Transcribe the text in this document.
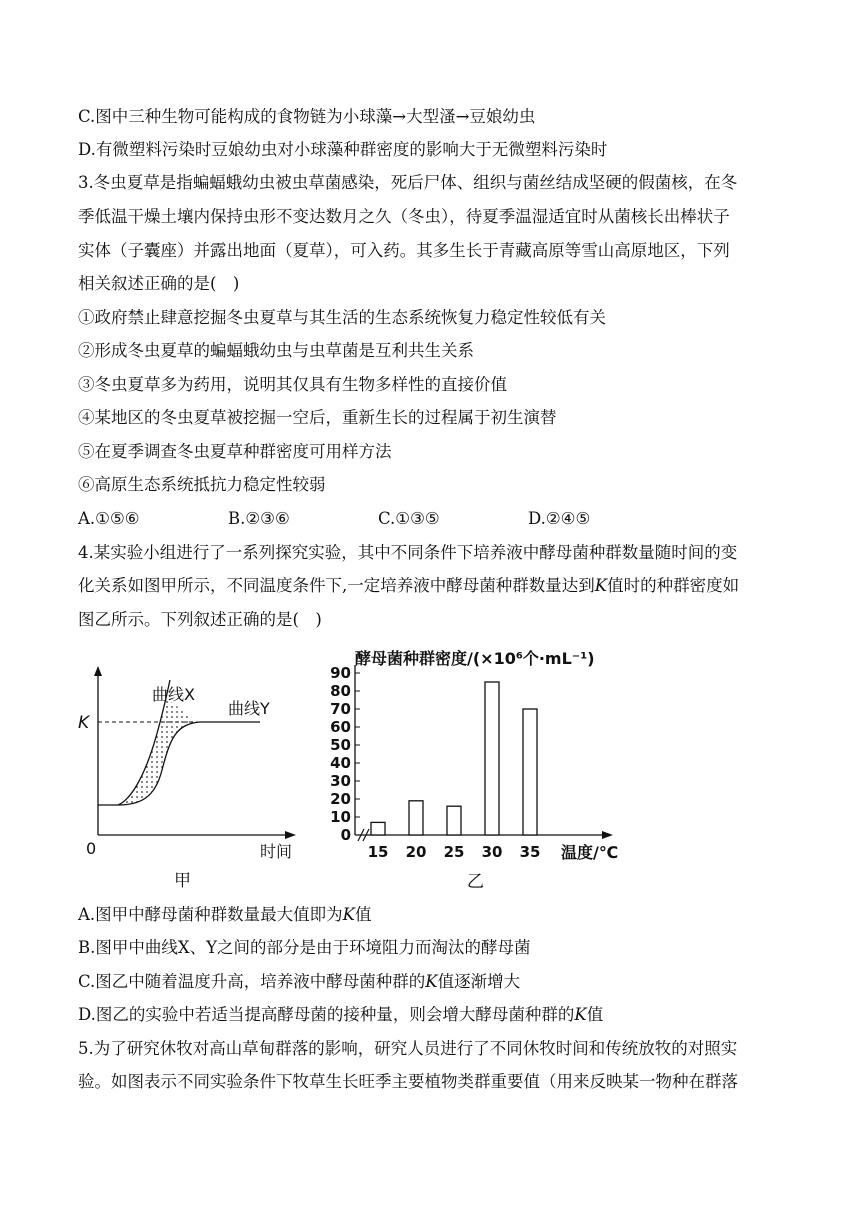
C.图中三种生物可能构成的食物链为小球藻→大型溞→豆娘幼虫
D.有微塑料污染时豆娘幼虫对小球藻种群密度的影响大于无微塑料污染时
3.冬虫夏草是指蝙蝠蛾幼虫被虫草菌感染，死后尸体、组织与菌丝结成坚硬的假菌核，在冬
季低温干燥土壤内保持虫形不变达数月之久（冬虫），待夏季温湿适宜时从菌核长出棒状子
实体（子囊座）并露出地面（夏草），可入药。其多生长于青藏高原等雪山高原地区，下列
相关叙述正确的是(　)
①政府禁止肆意挖掘冬虫夏草与其生活的生态系统恢复力稳定性较低有关
②形成冬虫夏草的蝙蝠蛾幼虫与虫草菌是互利共生关系
③冬虫夏草多为药用，说明其仅具有生物多样性的直接价值
④某地区的冬虫夏草被挖掘一空后，重新生长的过程属于初生演替
⑤在夏季调查冬虫夏草种群密度可用样方法
⑥高原生态系统抵抗力稳定性较弱
A.①⑤⑥	B.②③⑥	C.①③⑤	D.②④⑤
4.某实验小组进行了一系列探究实验，其中不同条件下培养液中酵母菌种群数量随时间的变
化关系如图甲所示，不同温度条件下,一定培养液中酵母菌种群数量达到K值时的种群密度如
图乙所示。下列叙述正确的是(　)
K
曲线X
曲线Y
0	时间
甲
酵母菌种群密度/(×10⁶个·mL⁻¹)
0
10
20
30
40
50
60
70
80
90
15 20 25 30 35 温度/℃
乙
A.图甲中酵母菌种群数量最大值即为K值
B.图甲中曲线X、Y之间的部分是由于环境阻力而淘汰的酵母菌
C.图乙中随着温度升高，培养液中酵母菌种群的K值逐渐增大
D.图乙的实验中若适当提高酵母菌的接种量，则会增大酵母菌种群的K值
5.为了研究休牧对高山草甸群落的影响，研究人员进行了不同休牧时间和传统放牧的对照实
验。如图表示不同实验条件下牧草生长旺季主要植物类群重要值（用来反映某一物种在群落
